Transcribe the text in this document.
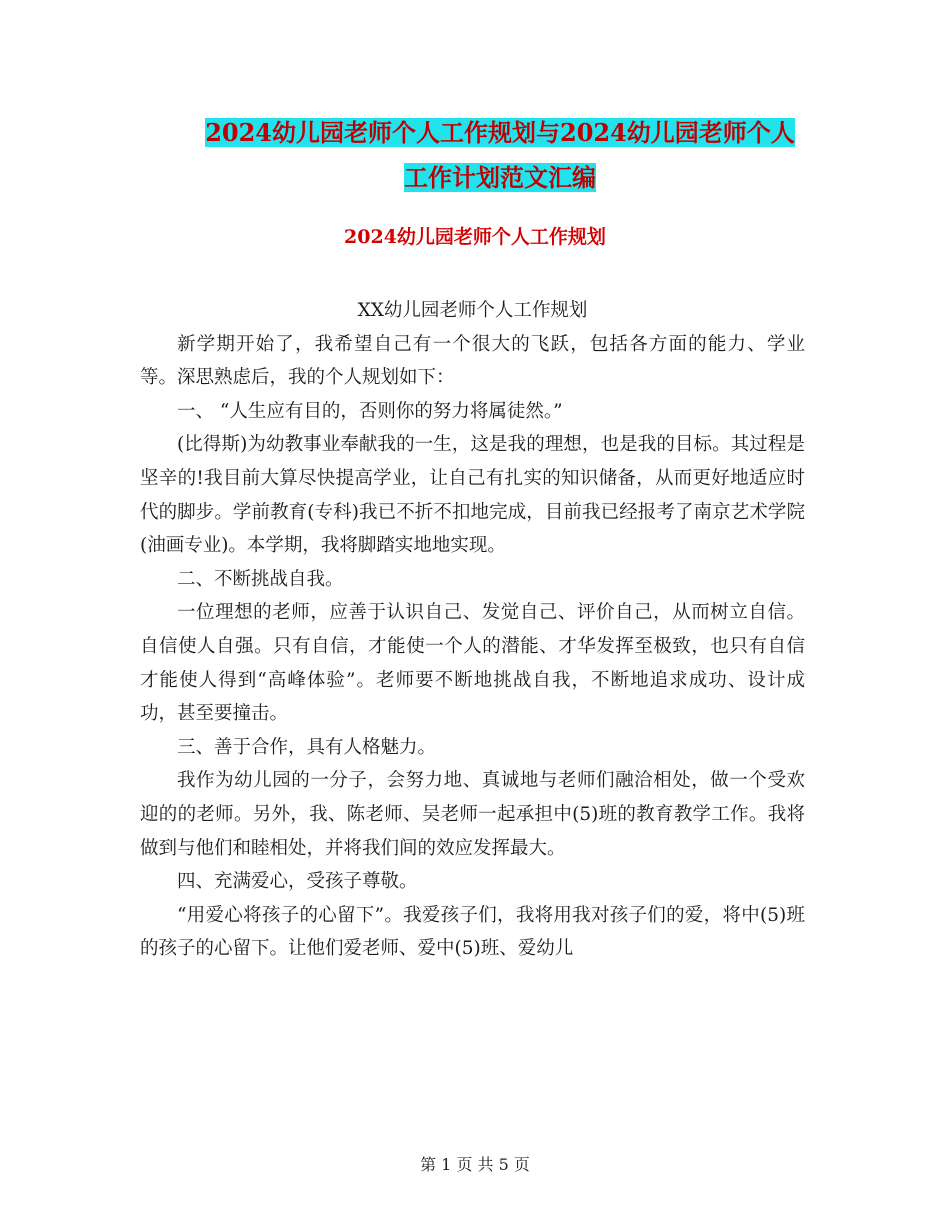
2024幼儿园老师个人工作规划与2024幼儿园老师个人
工作计划范文汇编
2024幼儿园老师个人工作规划

XX幼儿园老师个人工作规划

新学期开始了，我希望自己有一个很大的飞跃，包括各方面的能力、学业等。深思熟虑后，我的个人规划如下：

一、 “人生应有目的，否则你的努力将属徒然。”

(比得斯)为幼教事业奉献我的一生，这是我的理想，也是我的目标。其过程是坚辛的!我目前大算尽快提高学业，让自己有扎实的知识储备，从而更好地适应时代的脚步。学前教育(专科)我已不折不扣地完成，目前我已经报考了南京艺术学院(油画专业)。本学期，我将脚踏实地地实现。

二、不断挑战自我。

一位理想的老师，应善于认识自己、发觉自己、评价自己，从而树立自信。自信使人自强。只有自信，才能使一个人的潜能、才华发挥至极致，也只有自信才能使人得到“高峰体验”。老师要不断地挑战自我，不断地追求成功、设计成功，甚至要撞击。

三、善于合作，具有人格魅力。

我作为幼儿园的一分子，会努力地、真诚地与老师们融洽相处，做一个受欢迎的的老师。另外，我、陈老师、吴老师一起承担中(5)班的教育教学工作。我将做到与他们和睦相处，并将我们间的效应发挥最大。

四、充满爱心，受孩子尊敬。

“用爱心将孩子的心留下”。我爱孩子们，我将用我对孩子们的爱，将中(5)班的孩子的心留下。让他们爱老师、爱中(5)班、爱幼儿

第 1 页 共 5 页
